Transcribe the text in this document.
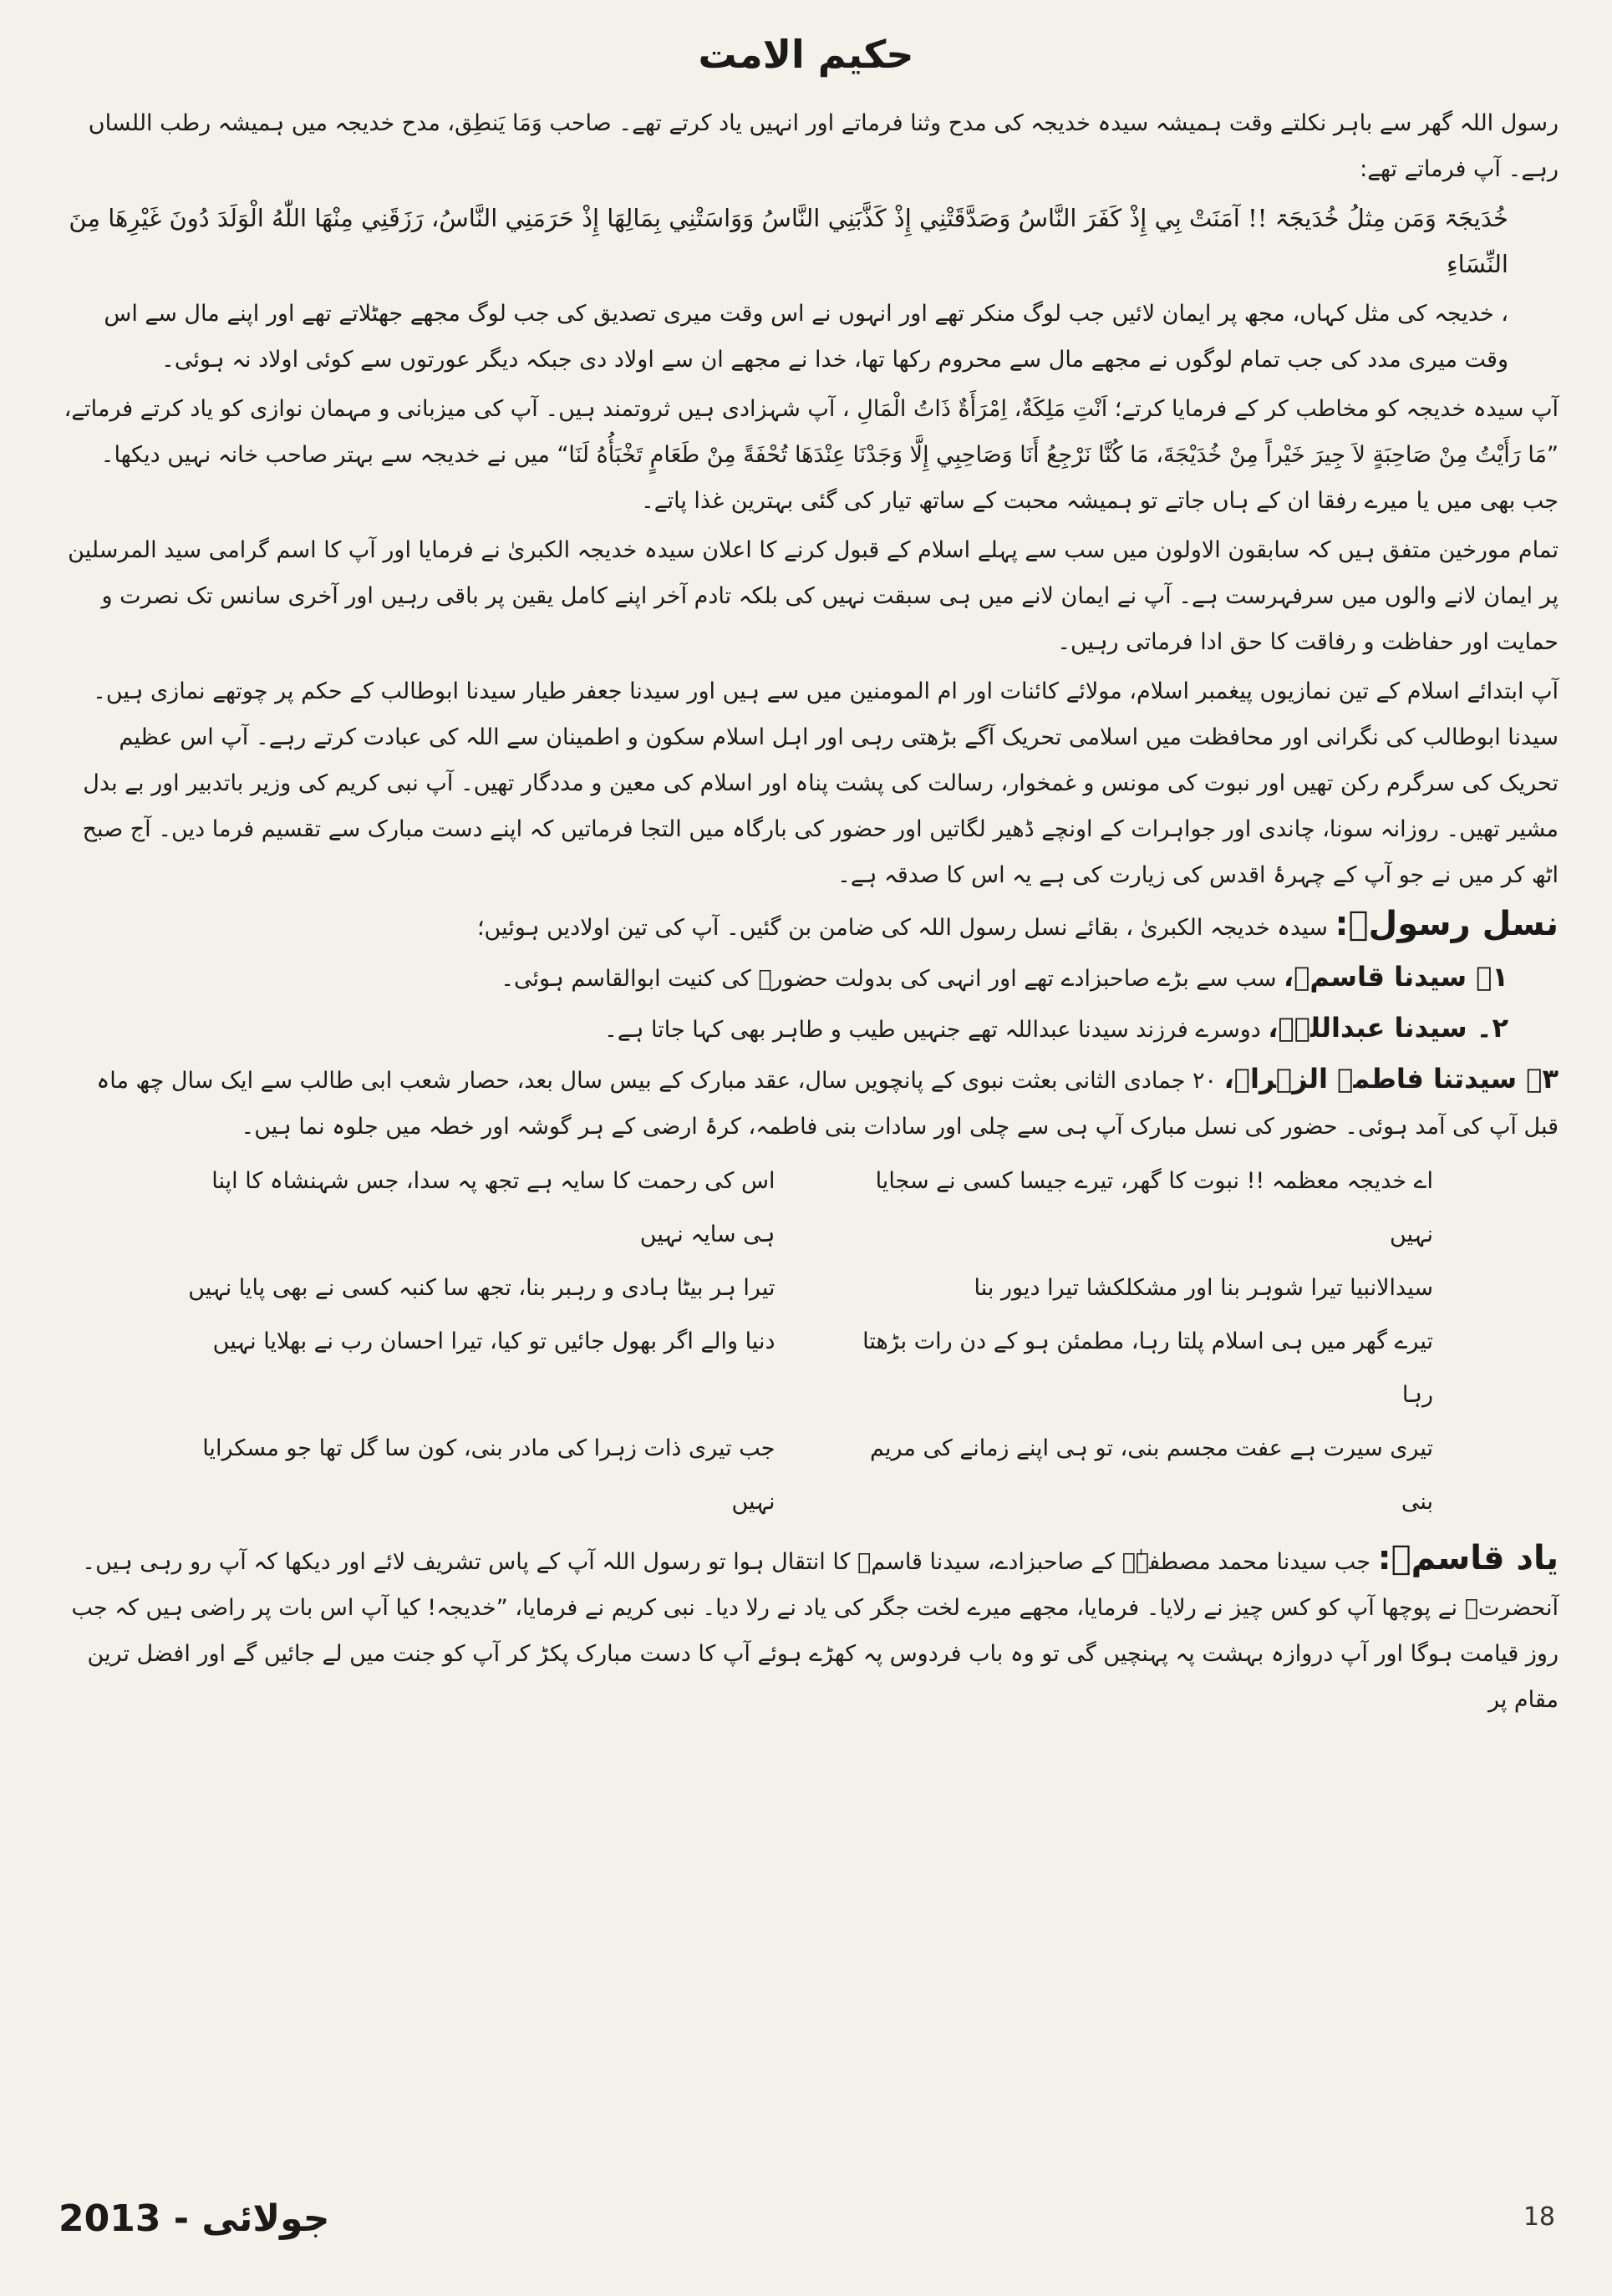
حکیم الامت

رسول اللہ گھر سے باہر نکلتے وقت ہمیشہ سیدہ خدیجہ کی مدح وثنا فرماتے اور انہیں یاد کرتے تھے۔ صاحب وَمَا يَنطِق، مدح خدیجہ میں ہمیشہ رطب اللساں رہے۔ آپ فرماتے تھے:

خُدَیجَۃ وَمَن مِثلُ خُدَیجَۃ !! آمَنَتْ بِي إِذْ كَفَرَ النَّاسُ وَصَدَّقَتْنِي إِذْ كَذَّبَنِي النَّاسُ وَوَاسَتْنِي بِمَالِهَا إِذْ حَرَمَنِي النَّاسُ، رَزَقَنِي مِنْهَا اللّٰهُ الْوَلَدَ دُونَ غَيْرِهَا مِنَ النِّسَاءِ

، خدیجہ کی مثل کہاں، مجھ پر ایمان لائیں جب لوگ منکر تھے اور انہوں نے اس وقت میری تصدیق کی جب لوگ مجھے جھٹلاتے تھے اور اپنے مال سے اس وقت میری مدد کی جب تمام لوگوں نے مجھے مال سے محروم رکھا تھا، خدا نے مجھے ان سے اولاد دی جبکہ دیگر عورتوں سے کوئی اولاد نہ ہوئی۔

آپ سیدہ خدیجہ کو مخاطب کر کے فرمایا کرتے؛ اَنْتِ مَلِكَةٌ، اِمْرَأَةٌ ذَاتُ الْمَالِ ، آپ شہزادی ہیں ثروتمند ہیں۔ آپ کی میزبانی و مہمان نوازی کو یاد کرتے فرماتے، ”مَا رَأَيْتُ مِنْ صَاحِبَةٍ لاَ جِيرَ خَيْراً مِنْ خُدَيْجَةَ، مَا كُنَّا نَرْجِعُ أَنَا وَصَاحِبِي إِلَّا وَجَدْنَا عِنْدَهَا تُحْفَةً مِنْ طَعَامٍ تَخْبَأُهُ لَنَا“ میں نے خدیجہ سے بہتر صاحب خانہ نہیں دیکھا۔ جب بھی میں یا میرے رفقا ان کے ہاں جاتے تو ہمیشہ محبت کے ساتھ تیار کی گئی بہترین غذا پاتے۔

تمام مورخین متفق ہیں کہ سابقون الاولون میں سب سے پہلے اسلام کے قبول کرنے کا اعلان سیدہ خدیجہ الکبریٰ نے فرمایا اور آپ کا اسم گرامی سید المرسلین پر ایمان لانے والوں میں سرفہرست ہے۔ آپ نے ایمان لانے میں ہی سبقت نہیں کی بلکہ تادم آخر اپنے کامل یقین پر باقی رہیں اور آخری سانس تک نصرت و حمایت اور حفاظت و رفاقت کا حق ادا فرماتی رہیں۔

آپ ابتدائے اسلام کے تین نمازیوں پیغمبر اسلام، مولائے کائنات اور ام المومنین میں سے ہیں اور سیدنا جعفر طیار سیدنا ابوطالب کے حکم پر چوتھے نمازی ہیں۔ سیدنا ابوطالب کی نگرانی اور محافظت میں اسلامی تحریک آگے بڑھتی رہی اور اہل اسلام سکون و اطمینان سے اللہ کی عبادت کرتے رہے۔ آپ اس عظیم تحریک کی سرگرم رکن تھیں اور نبوت کی مونس و غمخوار، رسالت کی پشت پناہ اور اسلام کی معین و مددگار تھیں۔ آپ نبی کریم کی وزیر باتدبیر اور بے بدل مشیر تھیں۔ روزانہ سونا، چاندی اور جواہرات کے اونچے ڈھیر لگاتیں اور حضور کی بارگاہ میں التجا فرماتیں کہ اپنے دست مبارک سے تقسیم فرما دیں۔ آج صبح اٹھ کر میں نے جو آپ کے چہرۂ اقدس کی زیارت کی ہے یہ اس کا صدقہ ہے۔

نسل رسولؐ: سیدہ خدیجہ الکبریٰ ، بقائے نسل رسول اللہ کی ضامن بن گئیں۔ آپ کی تین اولادیں ہوئیں؛

۱۔ سیدنا قاسمؑ، سب سے بڑے صاحبزادے تھے اور انہی کی بدولت حضورؐ کی کنیت ابوالقاسم ہوئی۔

۲۔ سیدنا عبداللہؑ، دوسرے فرزند سیدنا عبداللہ تھے جنہیں طیب و طاہر بھی کہا جاتا ہے۔

۳۔ سیدتنا فاطمۃ الزہراؑ، ۲۰ جمادی الثانی بعثت نبوی کے پانچویں سال، عقد مبارک کے بیس سال بعد، حصار شعب ابی طالب سے ایک سال چھ ماہ قبل آپ کی آمد ہوئی۔ حضور کی نسل مبارک آپ ہی سے چلی اور سادات بنی فاطمہ، کرۂ ارضی کے ہر گوشہ اور خطہ میں جلوہ نما ہیں۔

اے خدیجہ معظمہ !! نبوت کا گھر، تیرے جیسا کسی نے سجایا نہیں
اس کی رحمت کا سایہ ہے تجھ پہ سدا، جس شہنشاہ کا اپنا ہی سایہ نہیں
سیدالانبیا تیرا شوہر بنا اور مشکلکشا تیرا دیور بنا
تیرا ہر بیٹا ہادی و رہبر بنا، تجھ سا کنبہ کسی نے بھی پایا نہیں
تیرے گھر میں ہی اسلام پلتا رہا، مطمئن ہو کے دن رات بڑھتا رہا
دنیا والے اگر بھول جائیں تو کیا، تیرا احسان رب نے بھلایا نہیں
تیری سیرت ہے عفت مجسم بنی، تو ہی اپنے زمانے کی مریم بنی
جب تیری ذات زہرا کی مادر بنی، کون سا گل تھا جو مسکرایا نہیں

یاد قاسمؑ: جب سیدنا محمد مصطفےٰؐ کے صاحبزادے، سیدنا قاسمؑ کا انتقال ہوا تو رسول اللہ آپ کے پاس تشریف لائے اور دیکھا کہ آپ رو رہی ہیں۔ آنحضرتؐ نے پوچھا آپ کو کس چیز نے رلایا۔ فرمایا، مجھے میرے لخت جگر کی یاد نے رلا دیا۔ نبی کریم نے فرمایا، ”خدیجہ! کیا آپ اس بات پر راضی ہیں کہ جب روز قیامت ہوگا اور آپ دروازہ بہشت پہ پہنچیں گی تو وہ باب فردوس پہ کھڑے ہوئے آپ کا دست مبارک پکڑ کر آپ کو جنت میں لے جائیں گے اور افضل ترین مقام پر

جولائی - 2013	18
